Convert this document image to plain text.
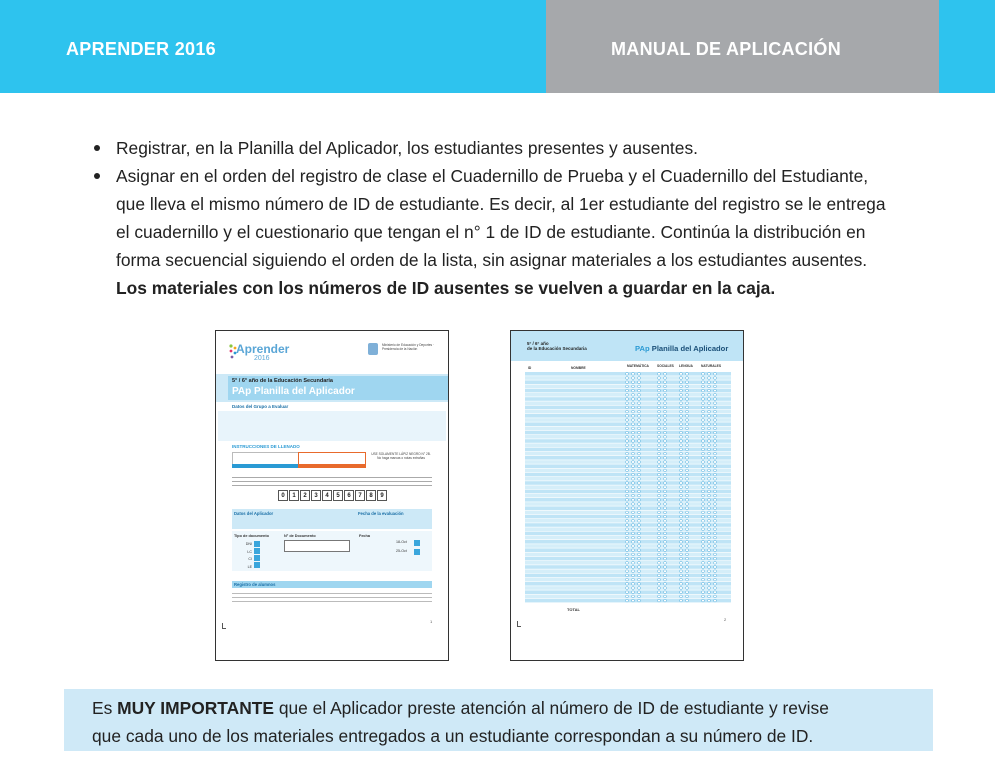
APRENDER 2016	MANUAL DE APLICACIÓN
Registrar, en la Planilla del Aplicador, los estudiantes presentes y ausentes.
Asignar en el orden del registro de clase el Cuadernillo de Prueba y el Cuadernillo del Estudiante,
que lleva el mismo número de ID de estudiante. Es decir, al 1er estudiante del registro se le entrega
el cuadernillo y el cuestionario que tengan el n° 1 de ID de estudiante. Continúa la distribución en
forma secuencial siguiendo el orden de la lista, sin asignar materiales a los estudiantes ausentes.
Los materiales con los números de ID ausentes se vuelven a guardar en la caja.
Aprender
2016
Ministerio de Educación y Deportes · Presidencia de la Nación
5° / 6° año de la Educación Secundaria
PAp Planilla del Aplicador
Datos del Grupo a Evaluar
INSTRUCCIONES DE LLENADO
USE SOLAMENTE LÁPIZ NEGRO N° 2B. No haga marcas o notas extrañas
0	1	2	3	4	5	6	7	8	9
Datos del Aplicador	Fecha de la evaluación
Tipo de documento	N° de Documento	Fecha
DNI
LC
CI
LE
18-Oct
25-Oct
Registro de alumnos
1
5° / 6° año
de la Educación Secundaria	PAp Planilla del Aplicador
ID	NOMBRE	MATEMÁTICA SOCIALES LENGUA NATURALES
TOTAL
2
Es MUY IMPORTANTE que el Aplicador preste atención al número de ID de estudiante y revise
que cada uno de los materiales entregados a un estudiante correspondan a su número de ID.
